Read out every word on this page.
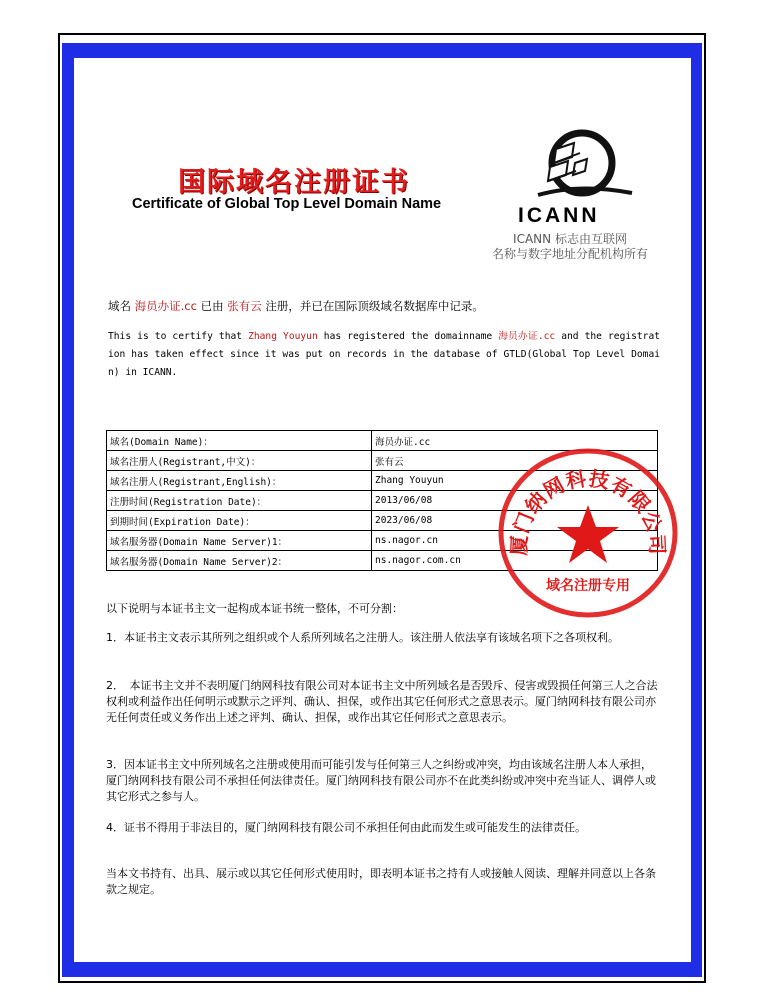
国际域名注册证书
Certificate of Global Top Level Domain Name	ICANN
ICANN 标志由互联网
名称与数字地址分配机构所有
域名 海员办证.cc 已由 张有云 注册，并已在国际顶级域名数据库中记录。
This is to certify that Zhang Youyun has registered the domainname 海员办证.cc and the registration has taken effect since it was put on records in the database of GTLD(Global Top Level Domain) in ICANN.
域名(Domain Name)：	海员办证.cc
域名注册人(Registrant,中文)：	张有云
域名注册人(Registrant,English)：	Zhang Youyun
注册时间(Registration Date)：	2013/06/08
到期时间(Expiration Date)：	2023/06/08
域名服务器(Domain Name Server)1：	ns.nagor.cn
域名服务器(Domain Name Server)2：	ns.nagor.com.cn
厦门纳网科技有限公司
域名注册专用
以下说明与本证书主文一起构成本证书统一整体，不可分割：
1．本证书主文表示其所列之组织或个人系所列域名之注册人。该注册人依法享有该域名项下之各项权利。
2．　本证书主文并不表明厦门纳网科技有限公司对本证书主文中所列域名是否毁斥、侵害或毁损任何第三人之合法权利或利益作出任何明示或默示之评判、确认、担保，或作出其它任何形式之意思表示。厦门纳网科技有限公司亦无任何责任或义务作出上述之评判、确认、担保，或作出其它任何形式之意思表示。
3．因本证书主文中所列域名之注册或使用而可能引发与任何第三人之纠纷或冲突，均由该域名注册人本人承担，厦门纳网科技有限公司不承担任何法律责任。厦门纳网科技有限公司亦不在此类纠纷或冲突中充当证人、调停人或其它形式之参与人。
4．证书不得用于非法目的，厦门纳网科技有限公司不承担任何由此而发生或可能发生的法律责任。
当本文书持有、出具、展示或以其它任何形式使用时，即表明本证书之持有人或接触人阅读、理解并同意以上各条款之规定。
